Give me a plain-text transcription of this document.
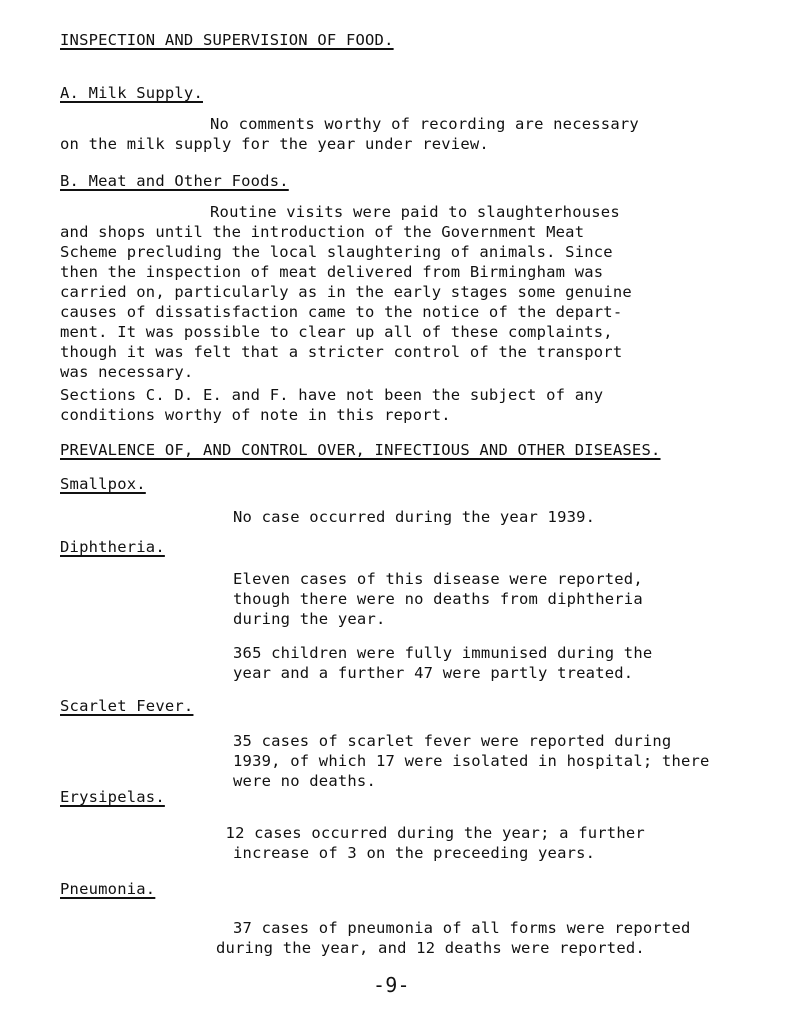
INSPECTION AND SUPERVISION OF FOOD.
A. Milk Supply.
No comments worthy of recording are necessary
on the milk supply for the year under review.
B. Meat and Other Foods.
Routine visits were paid to slaughterhouses
and shops until the introduction of the Government Meat
Scheme precluding the local slaughtering of animals. Since
then the inspection of meat delivered from Birmingham was
carried on, particularly as in the early stages some genuine
causes of dissatisfaction came to the notice of the depart-
ment. It was possible to clear up all of these complaints,
though it was felt that a stricter control of the transport
was necessary.
Sections C. D. E. and F. have not been the subject of any
conditions worthy of note in this report.
PREVALENCE OF, AND CONTROL OVER, INFECTIOUS AND OTHER DISEASES.
Smallpox.
No case occurred during the year 1939.
Diphtheria.
Eleven cases of this disease were reported,
though there were no deaths from diphtheria
during the year.
365 children were fully immunised during the
year and a further 47 were partly treated.
Scarlet Fever.
35 cases of scarlet fever were reported during
1939, of which 17 were isolated in hospital; there
were no deaths.
Erysipelas.
12 cases occurred during the year; a further
increase of 3 on the preceeding years.
Pneumonia.
37 cases of pneumonia of all forms were reported
during the year, and 12 deaths were reported.
-9-
